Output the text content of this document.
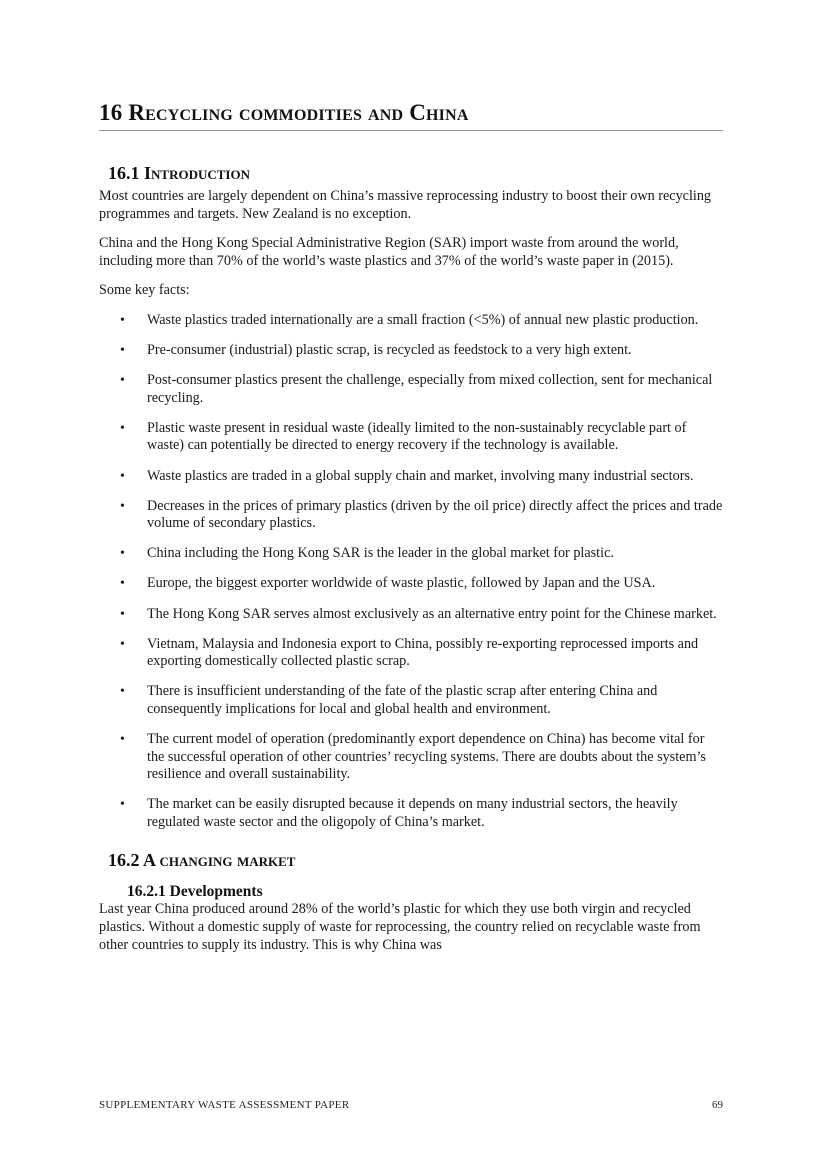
16 Recycling commodities and China
16.1 Introduction

Most countries are largely dependent on China’s massive reprocessing industry to boost their own recycling programmes and targets. New Zealand is no exception.

China and the Hong Kong Special Administrative Region (SAR) import waste from around the world, including more than 70% of the world’s waste plastics and 37% of the world’s waste paper in (2015).

Some key facts:

• Waste plastics traded internationally are a small fraction (<5%) of annual new plastic production.
• Pre-consumer (industrial) plastic scrap, is recycled as feedstock to a very high extent.
• Post-consumer plastics present the challenge, especially from mixed collection, sent for mechanical recycling.
• Plastic waste present in residual waste (ideally limited to the non-sustainably recyclable part of waste) can potentially be directed to energy recovery if the technology is available.
• Waste plastics are traded in a global supply chain and market, involving many industrial sectors.
• Decreases in the prices of primary plastics (driven by the oil price) directly affect the prices and trade volume of secondary plastics.
• China including the Hong Kong SAR is the leader in the global market for plastic.
• Europe, the biggest exporter worldwide of waste plastic, followed by Japan and the USA.
• The Hong Kong SAR serves almost exclusively as an alternative entry point for the Chinese market.
• Vietnam, Malaysia and Indonesia export to China, possibly re-exporting reprocessed imports and exporting domestically collected plastic scrap.
• There is insufficient understanding of the fate of the plastic scrap after entering China and consequently implications for local and global health and environment.
• The current model of operation (predominantly export dependence on China) has become vital for the successful operation of other countries’ recycling systems. There are doubts about the system’s resilience and overall sustainability.
• The market can be easily disrupted because it depends on many industrial sectors, the heavily regulated waste sector and the oligopoly of China’s market.
16.2 A changing market
16.2.1 Developments

Last year China produced around 28% of the world’s plastic for which they use both virgin and recycled plastics. Without a domestic supply of waste for reprocessing, the country relied on recyclable waste from other countries to supply its industry. This is why China was

SUPPLEMENTARY WASTE ASSESSMENT PAPER	69
